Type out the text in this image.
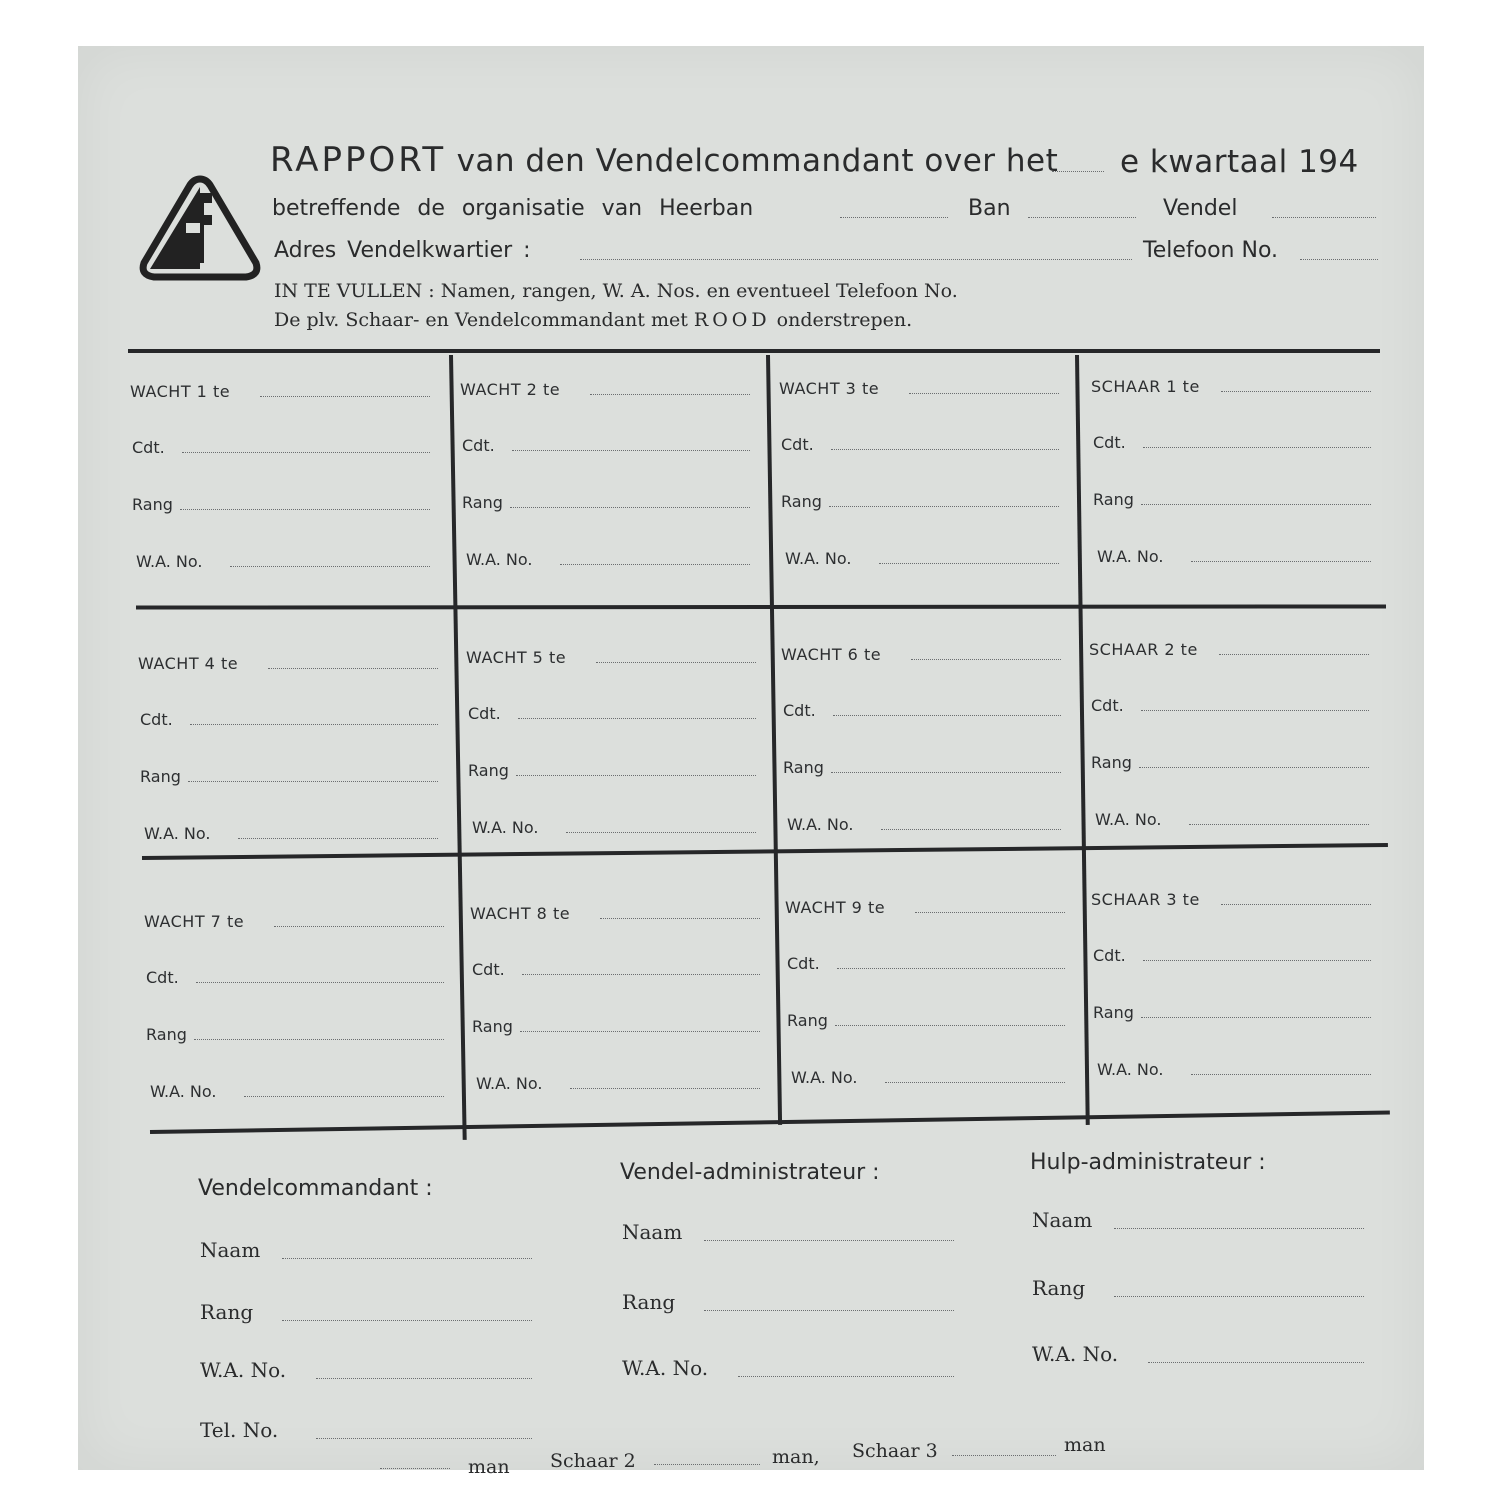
RAPPORT van den Vendelcommandant over het e kwartaal 194
betreffende de organisatie van Heerban	Ban	Vendel
Adres Vendelkwartier :	Telefoon No.
IN TE VULLEN : Namen, rangen, W. A. Nos. en eventueel Telefoon No.
De plv. Schaar- en Vendelcommandant met ROOD onderstrepen.
WACHT 1 te
Cdt.
Rang
W.A. No.
WACHT 2 te
Cdt.
Rang
W.A. No.
WACHT 3 te
Cdt.
Rang
W.A. No.
SCHAAR 1 te
Cdt.
Rang
W.A. No.
WACHT 4 te
Cdt.
Rang
W.A. No.
WACHT 5 te
Cdt.
Rang
W.A. No.
WACHT 6 te
Cdt.
Rang
W.A. No.
SCHAAR 2 te
Cdt.
Rang
W.A. No.
WACHT 7 te
Cdt.
Rang
W.A. No.
WACHT 8 te
Cdt.
Rang
W.A. No.
WACHT 9 te
Cdt.
Rang
W.A. No.
SCHAAR 3 te
Cdt.
Rang
W.A. No.
Vendelcommandant :
Naam
Rang
W.A. No.
Tel. No.
Vendel-administrateur :
Naam
Rang
W.A. No.
Hulp-administrateur :
Naam
Rang
W.A. No.
man Schaar 2	man, Schaar 3	man
